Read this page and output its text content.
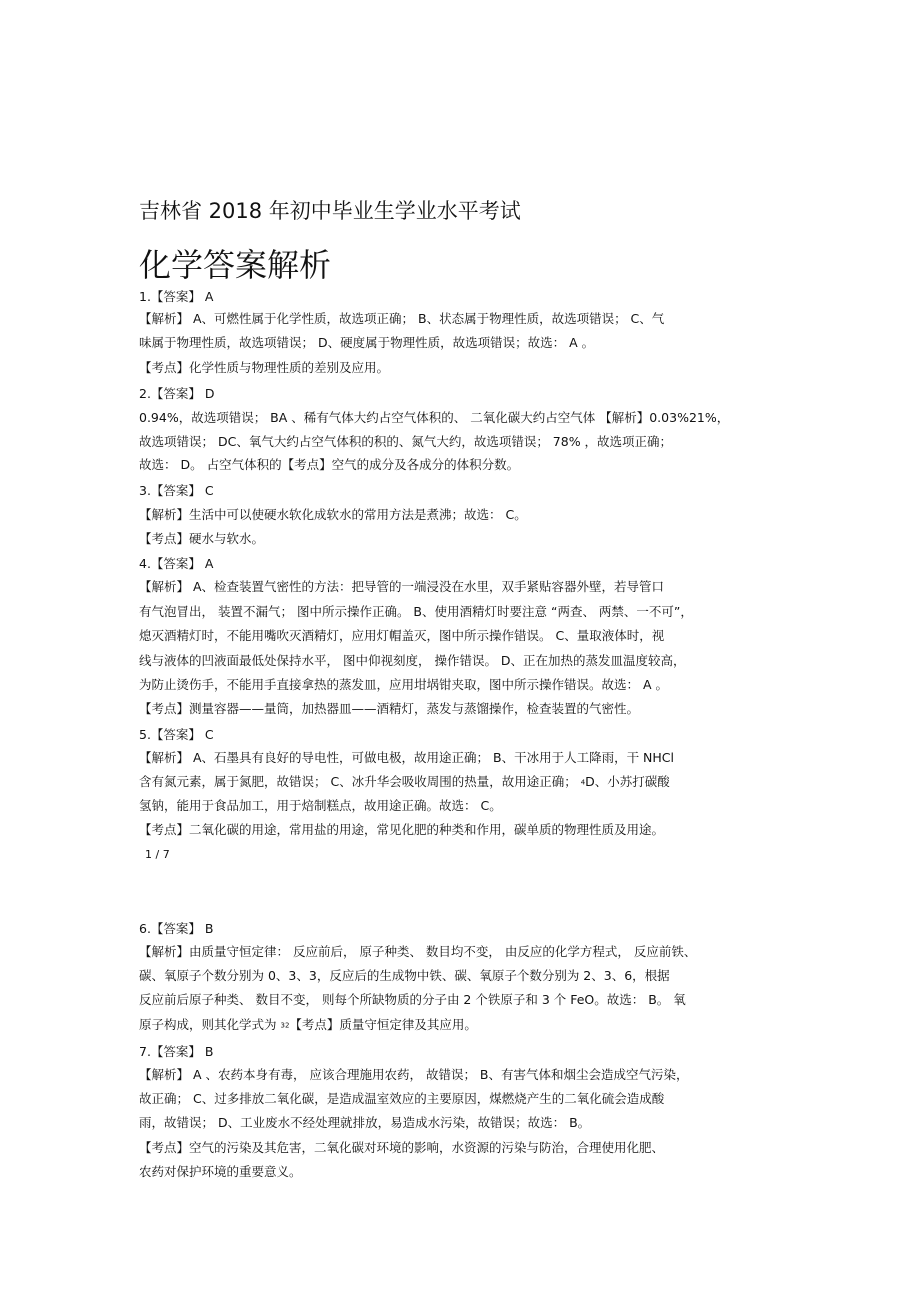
吉林省 2018 年初中毕业生学业水平考试
化学答案解析
1.【答案】 A
【解析】 A、可燃性属于化学性质，故选项正确； B、状态属于物理性质，故选项错误； C、气
味属于物理性质，故选项错误； D、硬度属于物理性质，故选项错误；故选： A 。
【考点】化学性质与物理性质的差别及应用。
2.【答案】 D
0.94%，故选项错误； BA 、稀有气体大约占空气体积的、 二氧化碳大约占空气体 【解析】0.03%21%，
故选项错误； DC、氧气大约占空气体积的积的、氮气大约，故选项错误； 78% ，故选项正确；
故选： D。 占空气体积的【考点】空气的成分及各成分的体积分数。
3.【答案】 C
【解析】生活中可以使硬水软化成软水的常用方法是煮沸；故选： C。
【考点】硬水与软水。
4.【答案】 A
【解析】 A、检查装置气密性的方法：把导管的一端浸没在水里，双手紧贴容器外壁，若导管口
有气泡冒出， 装置不漏气； 图中所示操作正确。 B、使用酒精灯时要注意 “两查、 两禁、一不可”，
熄灭酒精灯时，不能用嘴吹灭酒精灯，应用灯帽盖灭，图中所示操作错误。 C、量取液体时，视
线与液体的凹液面最低处保持水平， 图中仰视刻度， 操作错误。 D、正在加热的蒸发皿温度较高，
为防止烫伤手，不能用手直接拿热的蒸发皿，应用坩埚钳夹取，图中所示操作错误。故选： A 。
【考点】测量容器——量筒，加热器皿——酒精灯，蒸发与蒸馏操作，检查装置的气密性。
5.【答案】 C
【解析】 A、石墨具有良好的导电性，可做电极，故用途正确； B、干冰用于人工降雨，干 NHCl
含有氮元素，属于氮肥，故错误； C、冰升华会吸收周围的热量，故用途正确； 4D、小苏打碳酸
氢钠，能用于食品加工，用于焙制糕点，故用途正确。故选： C。
【考点】二氧化碳的用途，常用盐的用途，常见化肥的种类和作用，碳单质的物理性质及用途。
1 / 7
6.【答案】 B
【解析】由质量守恒定律： 反应前后， 原子种类、 数目均不变， 由反应的化学方程式， 反应前铁、
碳、氧原子个数分别为 0、3、3，反应后的生成物中铁、碳、氧原子个数分别为 2、3、6，根据
反应前后原子种类、 数目不变， 则每个所缺物质的分子由 2 个铁原子和 3 个 FeO。故选： B。 氧
原子构成，则其化学式为 32【考点】质量守恒定律及其应用。
7.【答案】 B
【解析】 A 、农药本身有毒， 应该合理施用农药， 故错误； B、有害气体和烟尘会造成空气污染，
故正确； C、过多排放二氧化碳，是造成温室效应的主要原因，煤燃烧产生的二氧化硫会造成酸
雨，故错误； D、工业废水不经处理就排放，易造成水污染，故错误；故选： B。
【考点】空气的污染及其危害，二氧化碳对环境的影响，水资源的污染与防治，合理使用化肥、
农药对保护环境的重要意义。
